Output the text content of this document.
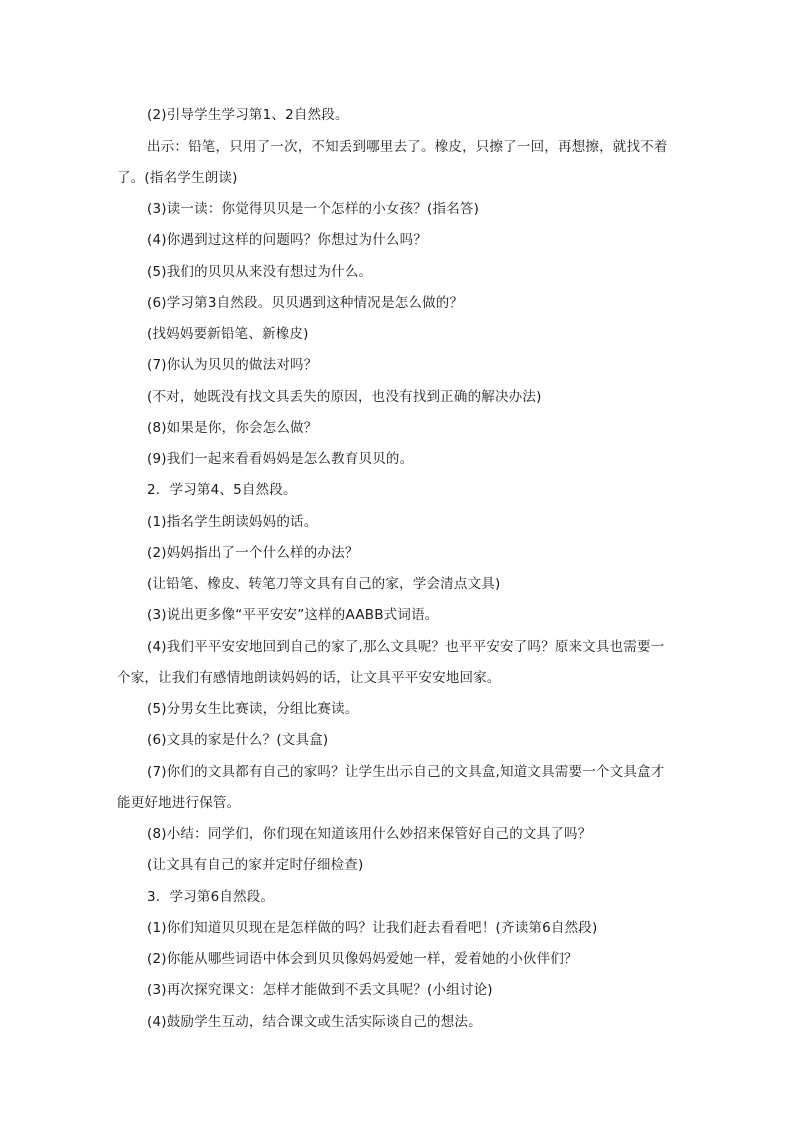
(2)引导学生学习第1、2自然段。
出示：铅笔，只用了一次，不知丢到哪里去了。橡皮，只擦了一回，再想擦，就找不着
了。(指名学生朗读)
(3)读一读：你觉得贝贝是一个怎样的小女孩？(指名答)
(4)你遇到过这样的问题吗？你想过为什么吗？
(5)我们的贝贝从来没有想过为什么。
(6)学习第3自然段。贝贝遇到这种情况是怎么做的？
(找妈妈要新铅笔、新橡皮)
(7)你认为贝贝的做法对吗？
(不对，她既没有找文具丢失的原因，也没有找到正确的解决办法)
(8)如果是你，你会怎么做？
(9)我们一起来看看妈妈是怎么教育贝贝的。
2．学习第4、5自然段。
(1)指名学生朗读妈妈的话。
(2)妈妈指出了一个什么样的办法？
(让铅笔、橡皮、转笔刀等文具有自己的家，学会清点文具)
(3)说出更多像“平平安安”这样的AABB式词语。
(4)我们平平安安地回到自己的家了,那么文具呢？也平平安安了吗？原来文具也需要一
个家，让我们有感情地朗读妈妈的话，让文具平平安安地回家。
(5)分男女生比赛读，分组比赛读。
(6)文具的家是什么？(文具盒)
(7)你们的文具都有自己的家吗？让学生出示自己的文具盒,知道文具需要一个文具盒才
能更好地进行保管。
(8)小结：同学们，你们现在知道该用什么妙招来保管好自己的文具了吗？
(让文具有自己的家并定时仔细检查)
3．学习第6自然段。
(1)你们知道贝贝现在是怎样做的吗？让我们赶去看看吧！(齐读第6自然段)
(2)你能从哪些词语中体会到贝贝像妈妈爱她一样，爱着她的小伙伴们？
(3)再次探究课文：怎样才能做到不丢文具呢？(小组讨论)
(4)鼓励学生互动，结合课文或生活实际谈自己的想法。
